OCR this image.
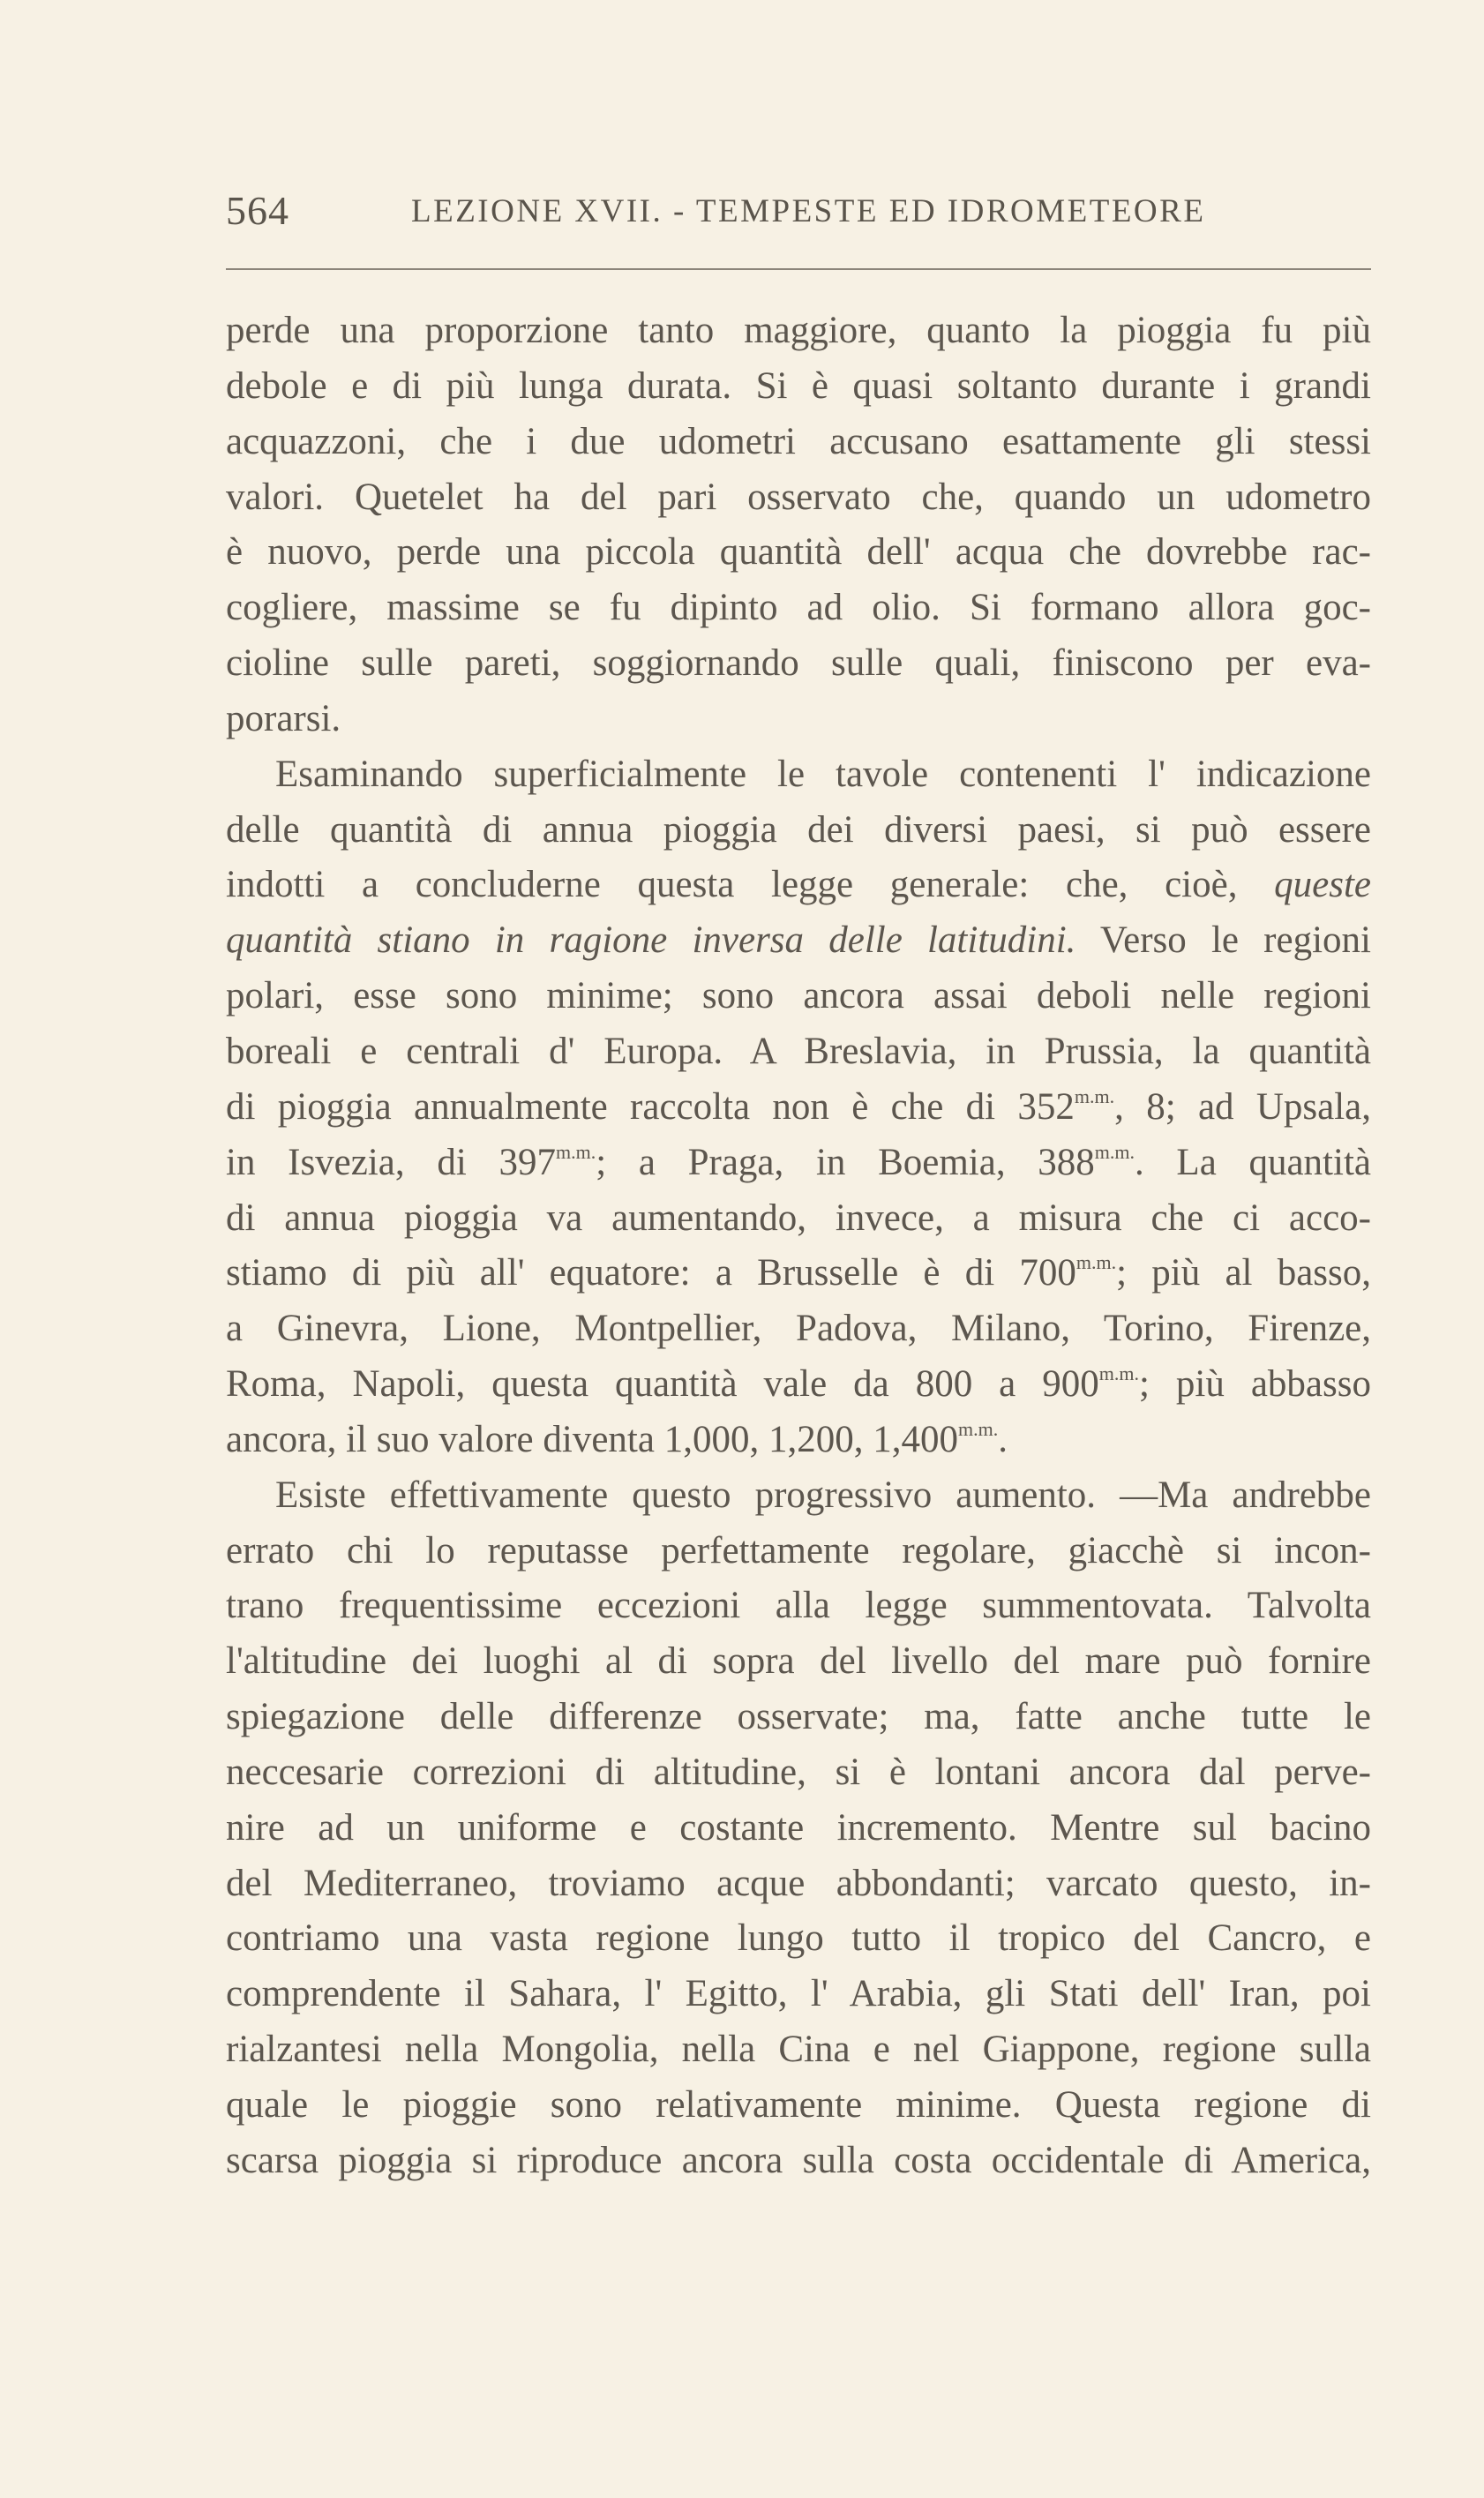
564	LEZIONE XVII. - TEMPESTE ED IDROMETEORE
perde una proporzione tanto maggiore, quanto la pioggia fu più
debole e di più lunga durata. Si è quasi soltanto durante i grandi
acquazzoni, che i due udometri accusano esattamente gli stessi
valori. Quetelet ha del pari osservato che, quando un udometro
è nuovo, perde una piccola quantità dell' acqua che dovrebbe rac-
cogliere, massime se fu dipinto ad olio. Si formano allora goc-
cioline sulle pareti, soggiornando sulle quali, finiscono per eva-
porarsi.
Esaminando superficialmente le tavole contenenti l' indicazione
delle quantità di annua pioggia dei diversi paesi, si può essere
indotti a concluderne questa legge generale: che, cioè, queste
quantità stiano in ragione inversa delle latitudini. Verso le regioni
polari, esse sono minime; sono ancora assai deboli nelle regioni
boreali e centrali d' Europa. A Breslavia, in Prussia, la quantità
di pioggia annualmente raccolta non è che di $352^{m.m.}$, 8; ad Upsala,
in Isvezia, di $397^{m.m.}$; a Praga, in Boemia, $388^{m.m.}$. La quantità
di annua pioggia va aumentando, invece, a misura che ci acco-
stiamo di più all' equatore: a Brusselle è di $700^{m.m.}$; più al basso,
a Ginevra, Lione, Montpellier, Padova, Milano, Torino, Firenze,
Roma, Napoli, questa quantità vale da 800 a $900^{m.m.}$; più abbasso
ancora, il suo valore diventa 1,000, 1,200, $1,400^{m.m.}$.
Esiste effettivamente questo progressivo aumento. —Ma andrebbe
errato chi lo reputasse perfettamente regolare, giacchè si incon-
trano frequentissime eccezioni alla legge summentovata. Talvolta
l'altitudine dei luoghi al di sopra del livello del mare può fornire
spiegazione delle differenze osservate; ma, fatte anche tutte le
neccesarie correzioni di altitudine, si è lontani ancora dal perve-
nire ad un uniforme e costante incremento. Mentre sul bacino
del Mediterraneo, troviamo acque abbondanti; varcato questo, in-
contriamo una vasta regione lungo tutto il tropico del Cancro, e
comprendente il Sahara, l' Egitto, l' Arabia, gli Stati dell' Iran, poi
rialzantesi nella Mongolia, nella Cina e nel Giappone, regione sulla
quale le pioggie sono relativamente minime. Questa regione di
scarsa pioggia si riproduce ancora sulla costa occidentale di America,
